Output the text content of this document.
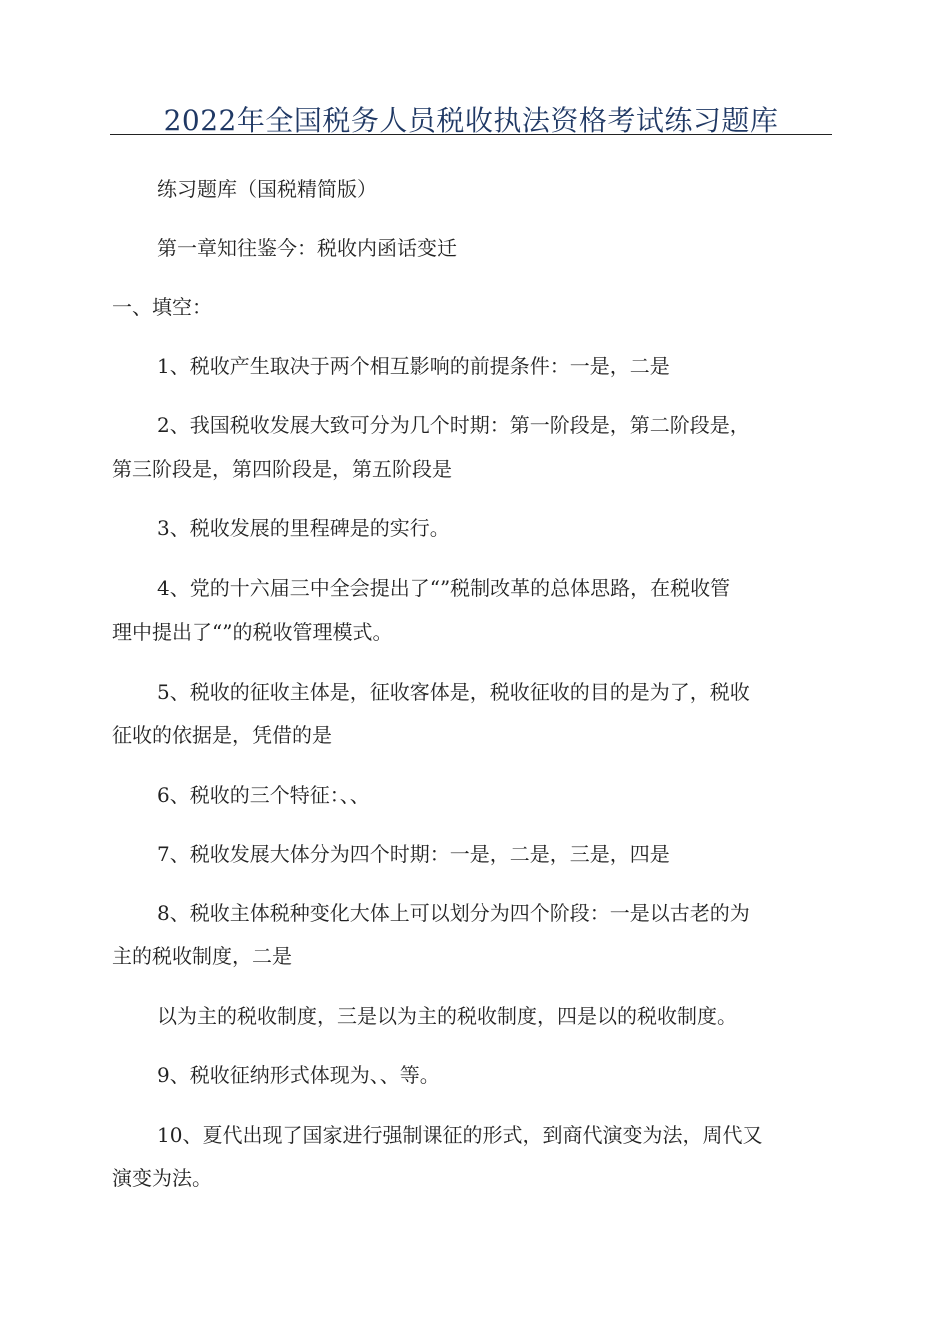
2022年全国税务人员税收执法资格考试练习题库
练习题库（国税精简版）
第一章知往鉴今：税收内函话变迁
一、填空：
1、税收产生取决于两个相互影响的前提条件：一是，二是
2、我国税收发展大致可分为几个时期：第一阶段是，第二阶段是，
第三阶段是，第四阶段是，第五阶段是
3、税收发展的里程碑是的实行。
4、党的十六届三中全会提出了“”税制改革的总体思路，在税收管
理中提出了“”的税收管理模式。
5、税收的征收主体是，征收客体是，税收征收的目的是为了，税收
征收的依据是，凭借的是
6、税收的三个特征：、、
7、税收发展大体分为四个时期：一是，二是，三是，四是
8、税收主体税种变化大体上可以划分为四个阶段：一是以古老的为
主的税收制度，二是
以为主的税收制度，三是以为主的税收制度，四是以的税收制度。
9、税收征纳形式体现为、、等。
10、夏代出现了国家进行强制课征的形式，到商代演变为法，周代又
演变为法。
